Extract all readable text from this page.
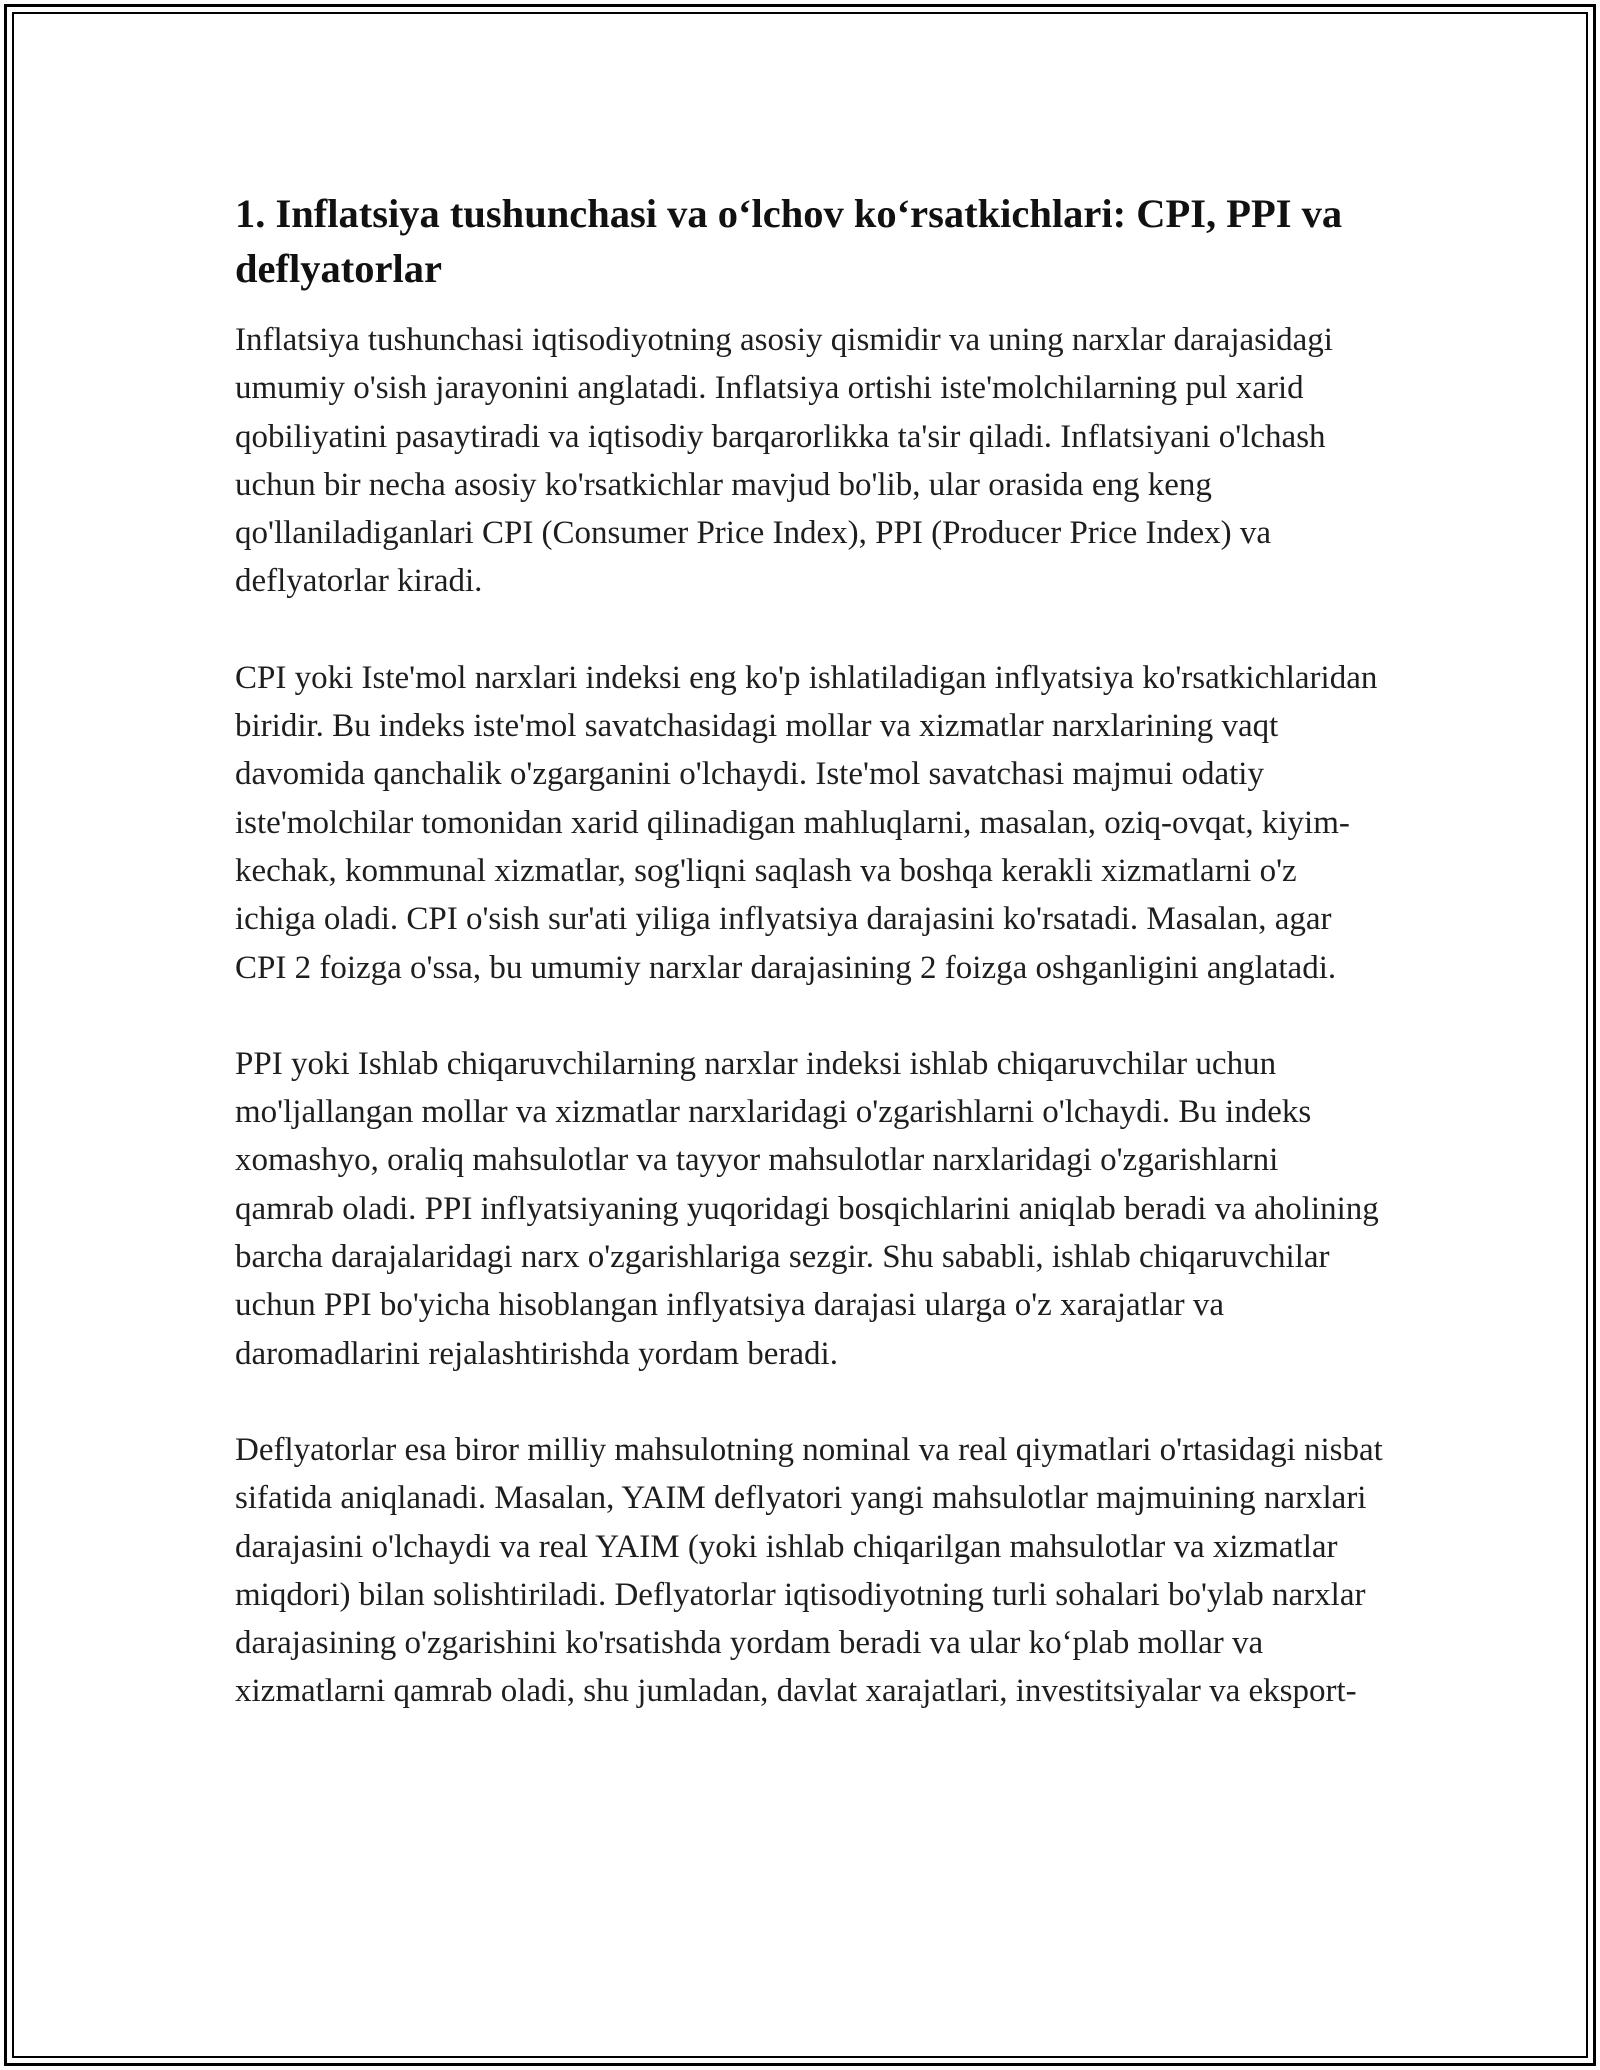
1. Inflatsiya tushunchasi va o‘lchov ko‘rsatkichlari: CPI, PPI va deflyatorlar

Inflatsiya tushunchasi iqtisodiyotning asosiy qismidir va uning narxlar darajasidagi umumiy o'sish jarayonini anglatadi. Inflatsiya ortishi iste'molchilarning pul xarid qobiliyatini pasaytiradi va iqtisodiy barqarorlikka ta'sir qiladi. Inflatsiyani o'lchash uchun bir necha asosiy ko'rsatkichlar mavjud bo'lib, ular orasida eng keng qo'llaniladiganlari CPI (Consumer Price Index), PPI (Producer Price Index) va deflyatorlar kiradi.

CPI yoki Iste'mol narxlari indeksi eng ko'p ishlatiladigan inflyatsiya ko'rsatkichlaridan biridir. Bu indeks iste'mol savatchasidagi mollar va xizmatlar narxlarining vaqt davomida qanchalik o'zgarganini o'lchaydi. Iste'mol savatchasi majmui odatiy iste'molchilar tomonidan xarid qilinadigan mahluqlarni, masalan, oziq-ovqat, kiyim-kechak, kommunal xizmatlar, sog'liqni saqlash va boshqa kerakli xizmatlarni o'z ichiga oladi. CPI o'sish sur'ati yiliga inflyatsiya darajasini ko'rsatadi. Masalan, agar CPI 2 foizga o'ssa, bu umumiy narxlar darajasining 2 foizga oshganligini anglatadi.

PPI yoki Ishlab chiqaruvchilarning narxlar indeksi ishlab chiqaruvchilar uchun mo'ljallangan mollar va xizmatlar narxlaridagi o'zgarishlarni o'lchaydi. Bu indeks xomashyo, oraliq mahsulotlar va tayyor mahsulotlar narxlaridagi o'zgarishlarni qamrab oladi. PPI inflyatsiyaning yuqoridagi bosqichlarini aniqlab beradi va aholining barcha darajalaridagi narx o'zgarishlariga sezgir. Shu sababli, ishlab chiqaruvchilar uchun PPI bo'yicha hisoblangan inflyatsiya darajasi ularga o'z xarajatlar va daromadlarini rejalashtirishda yordam beradi.

Deflyatorlar esa biror milliy mahsulotning nominal va real qiymatlari o'rtasidagi nisbat sifatida aniqlanadi. Masalan, YAIM deflyatori yangi mahsulotlar majmuining narxlari darajasini o'lchaydi va real YAIM (yoki ishlab chiqarilgan mahsulotlar va xizmatlar miqdori) bilan solishtiriladi. Deflyatorlar iqtisodiyotning turli sohalari bo'ylab narxlar darajasining o'zgarishini ko'rsatishda yordam beradi va ular ko‘plab mollar va xizmatlarni qamrab oladi, shu jumladan, davlat xarajatlari, investitsiyalar va eksport-
